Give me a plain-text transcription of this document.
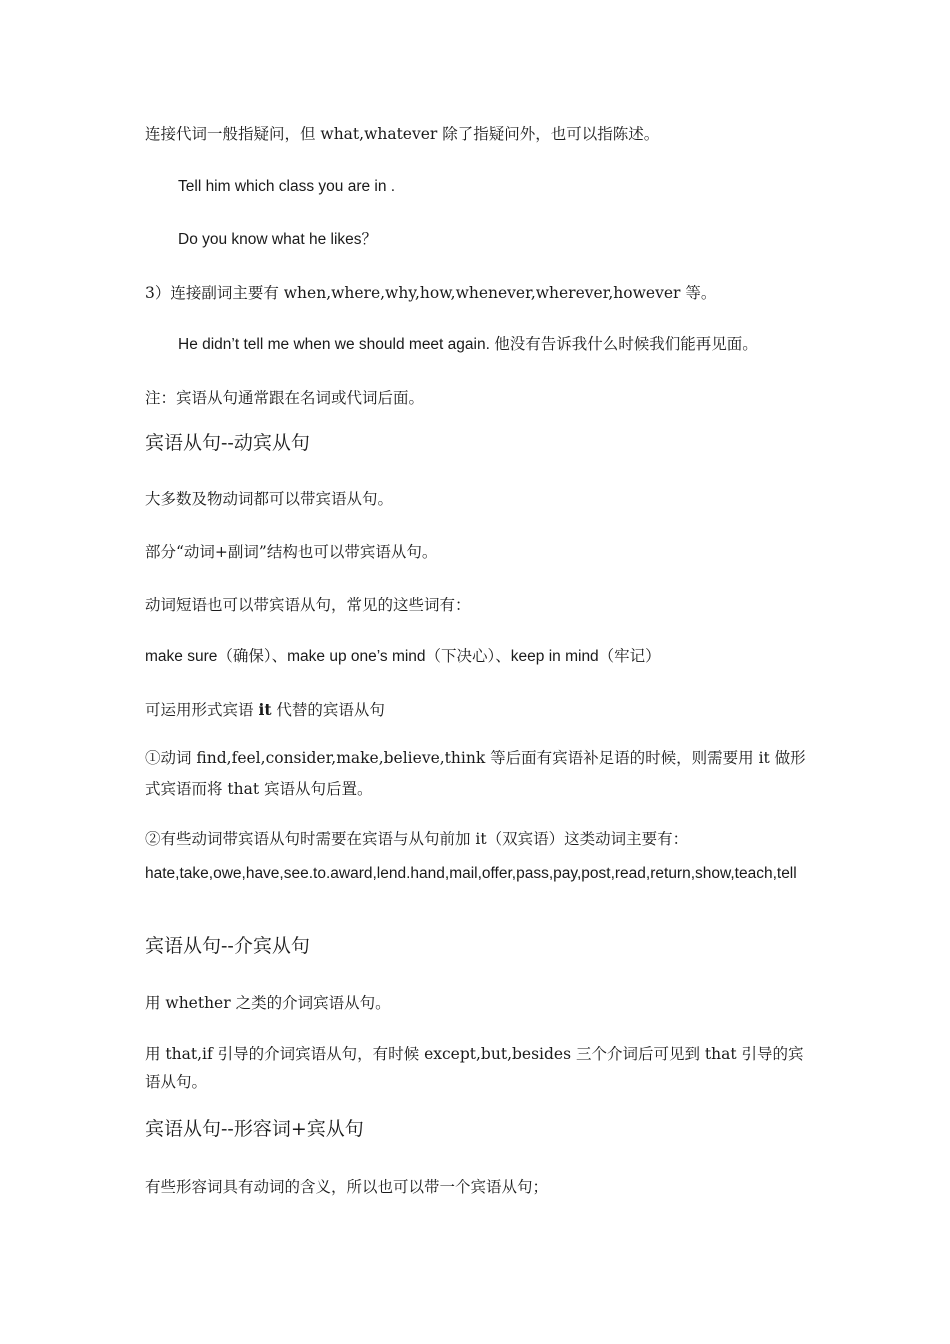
连接代词一般指疑问，但 what,whatever 除了指疑问外，也可以指陈述。
Tell him which class you are in .
Do you know what he likes？
3）连接副词主要有 when,where,why,how,whenever,wherever,however 等。
He didn’t tell me when we should meet again. 他没有告诉我什么时候我们能再见面。
注：宾语从句通常跟在名词或代词后面。
宾语从句--动宾从句
大多数及物动词都可以带宾语从句。
部分“动词+副词”结构也可以带宾语从句。
动词短语也可以带宾语从句，常见的这些词有：
make sure（确保）、make up one’s mind（下决心）、keep in mind（牢记）
可运用形式宾语 it 代替的宾语从句
①动词 find,feel,consider,make,believe,think 等后面有宾语补足语的时候，则需要用 it 做形式宾语而将 that 宾语从句后置。
②有些动词带宾语从句时需要在宾语与从句前加 it（双宾语）这类动词主要有：
hate,take,owe,have,see.to.award,lend.hand,mail,offer,pass,pay,post,read,return,show,teach,tell
宾语从句--介宾从句
用 whether 之类的介词宾语从句。
用 that,if 引导的介词宾语从句，有时候 except,but,besides 三个介词后可见到 that 引导的宾语从句。
宾语从句--形容词+宾从句
有些形容词具有动词的含义，所以也可以带一个宾语从句；
